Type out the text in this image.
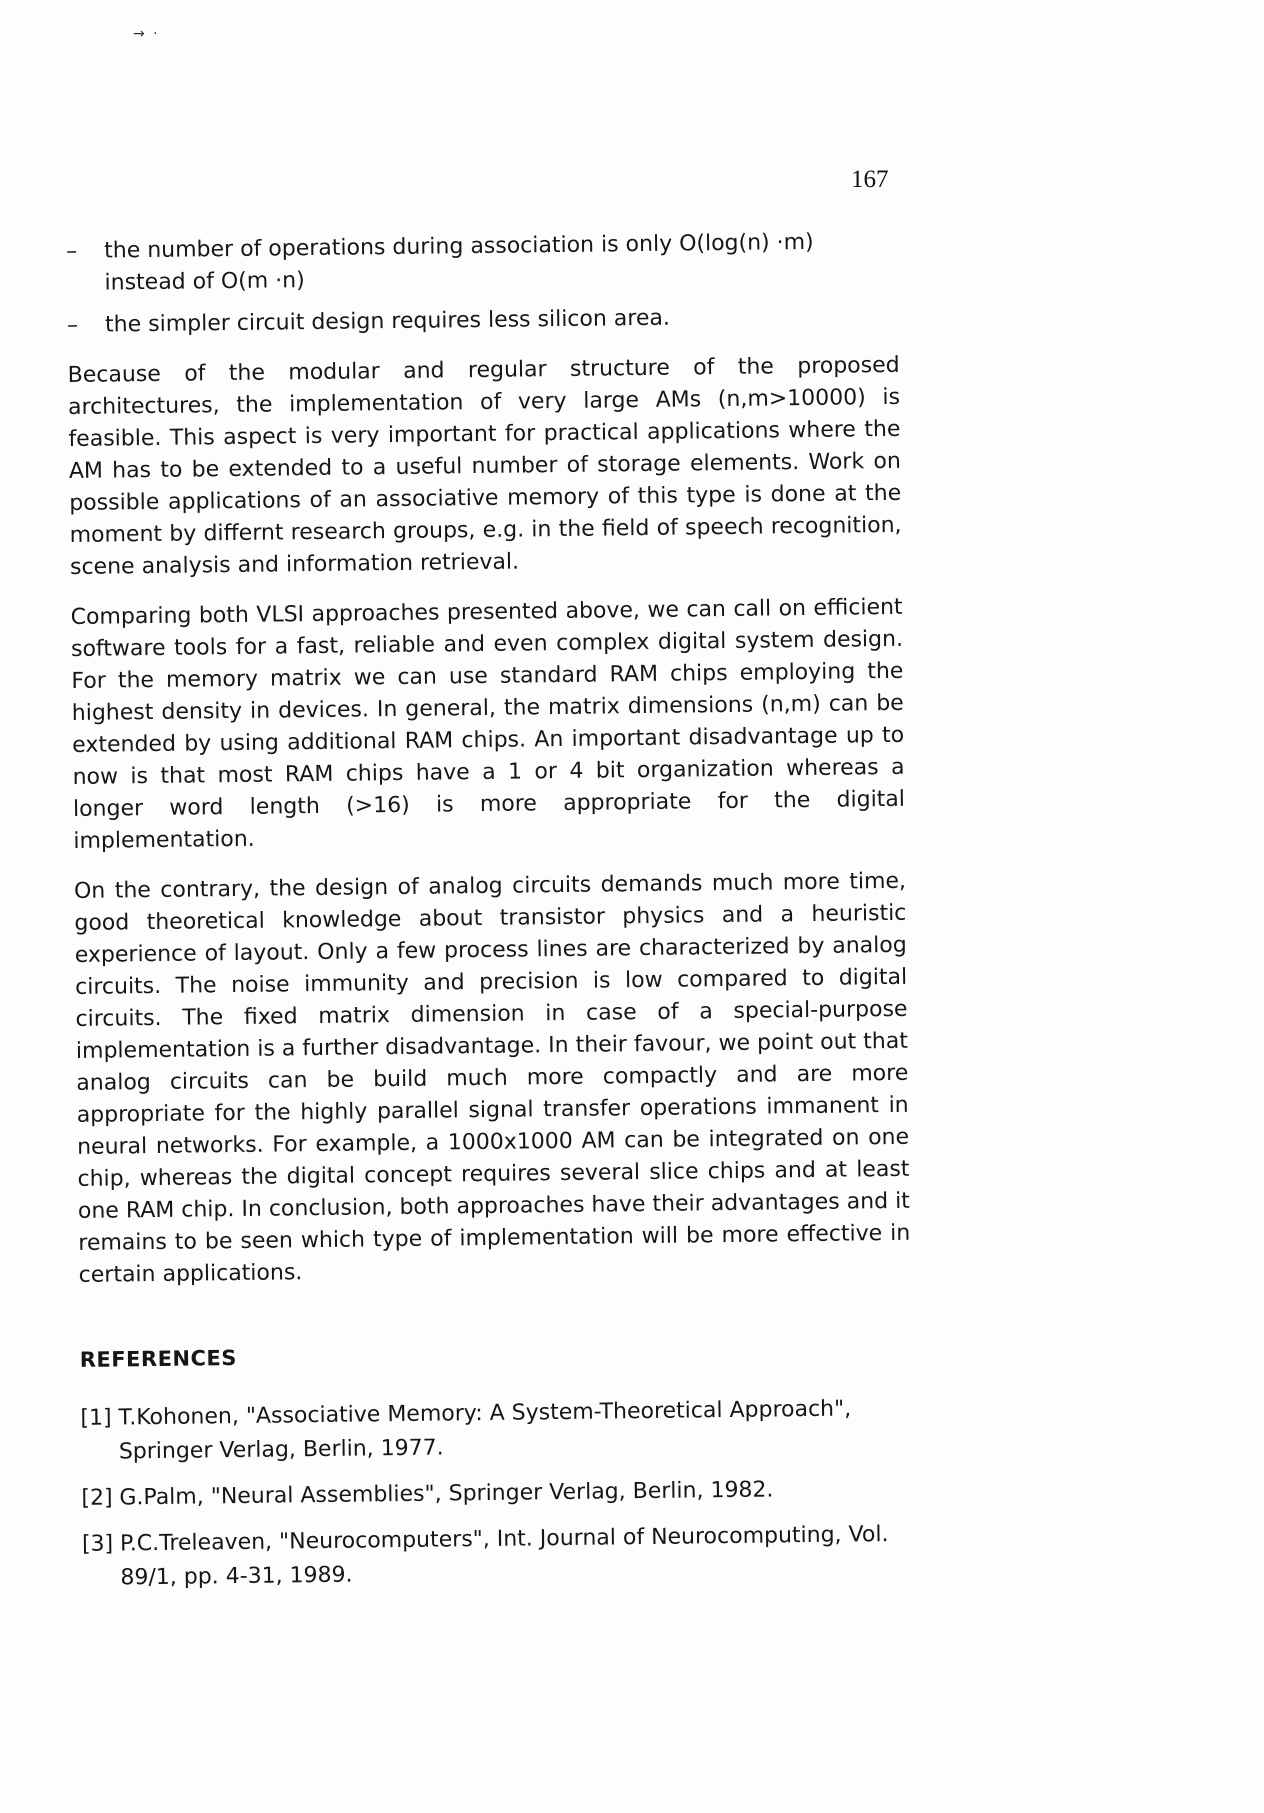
→ ·
167
– the number of operations during association is only O(log(n) ·m) instead of O(m ·n)
– the simpler circuit design requires less silicon area.

Because of the modular and regular structure of the proposed architectures, the implementation of very large AMs (n,m>10000) is feasible. This aspect is very important for practical applications where the AM has to be extended to a useful number of storage elements. Work on possible applications of an associative memory of this type is done at the moment by differnt research groups, e.g. in the field of speech recognition, scene analysis and information retrieval.

Comparing both VLSI approaches presented above, we can call on efficient software tools for a fast, reliable and even complex digital system design. For the memory matrix we can use standard RAM chips employing the highest density in devices. In general, the matrix dimensions (n,m) can be extended by using additional RAM chips. An important disadvantage up to now is that most RAM chips have a 1 or 4 bit organization whereas a longer word length (>16) is more appropriate for the digital implementation.

On the contrary, the design of analog circuits demands much more time, good theoretical knowledge about transistor physics and a heuristic experience of layout. Only a few process lines are characterized by analog circuits. The noise immunity and precision is low compared to digital circuits. The fixed matrix dimension in case of a special-purpose implementation is a further disadvantage. In their favour, we point out that analog circuits can be build much more compactly and are more appropriate for the highly parallel signal transfer operations immanent in neural networks. For example, a 1000x1000 AM can be integrated on one chip, whereas the digital concept requires several slice chips and at least one RAM chip. In conclusion, both approaches have their advantages and it remains to be seen which type of implementation will be more effective in certain applications.

REFERENCES
[1] T.Kohonen, "Associative Memory: A System-Theoretical Approach", Springer Verlag, Berlin, 1977.
[2] G.Palm, "Neural Assemblies", Springer Verlag, Berlin, 1982.
[3] P.C.Treleaven, "Neurocomputers", Int. Journal of Neurocomputing, Vol. 89/1, pp. 4-31, 1989.
